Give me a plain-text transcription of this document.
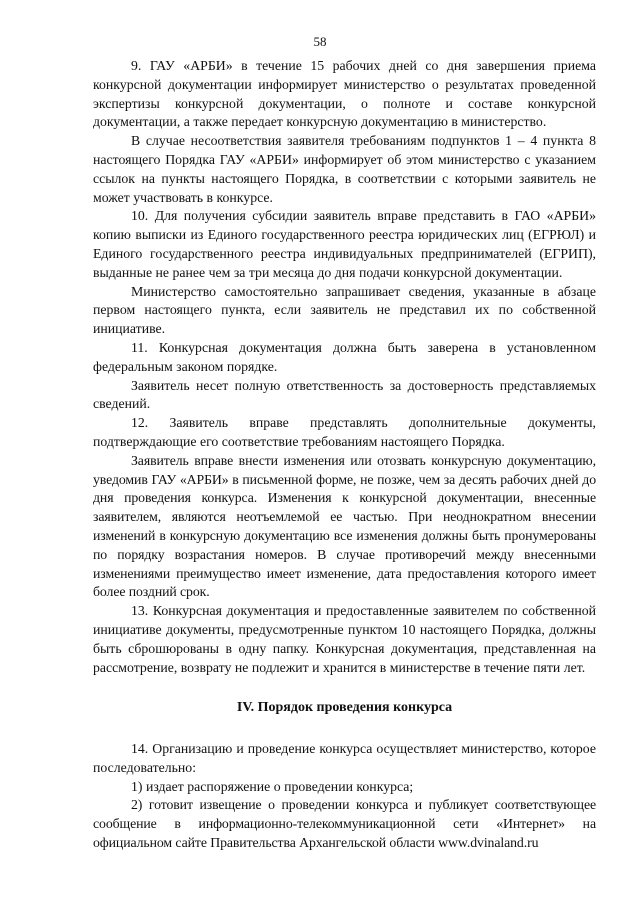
58

9. ГАУ «АРБИ» в течение 15 рабочих дней со дня завершения приема конкурсной документации информирует министерство о результатах проведенной экспертизы конкурсной документации, о полноте и составе конкурсной документации, а также передает конкурсную документацию в министерство.

В случае несоответствия заявителя требованиям подпунктов 1 – 4 пункта 8 настоящего Порядка ГАУ «АРБИ» информирует об этом министерство с указанием ссылок на пункты настоящего Порядка, в соответствии с которыми заявитель не может участвовать в конкурсе.

10. Для получения субсидии заявитель вправе представить в ГАО «АРБИ» копию выписки из Единого государственного реестра юридических лиц (ЕГРЮЛ) и Единого государственного реестра индивидуальных предпринимателей (ЕГРИП), выданные не ранее чем за три месяца до дня подачи конкурсной документации.

Министерство самостоятельно запрашивает сведения, указанные в абзаце первом настоящего пункта, если заявитель не представил их по собственной инициативе.

11. Конкурсная документация должна быть заверена в установленном федеральным законом порядке.

Заявитель несет полную ответственность за достоверность представляемых сведений.

12. Заявитель вправе представлять дополнительные документы, подтверждающие его соответствие требованиям настоящего Порядка.

Заявитель вправе внести изменения или отозвать конкурсную документацию, уведомив ГАУ «АРБИ» в письменной форме, не позже, чем за десять рабочих дней до дня проведения конкурса. Изменения к конкурсной документации, внесенные заявителем, являются неотъемлемой ее частью. При неоднократном внесении изменений в конкурсную документацию все изменения должны быть пронумерованы по порядку возрастания номеров. В случае противоречий между внесенными изменениями преимущество имеет изменение, дата предоставления которого имеет более поздний срок.

13. Конкурсная документация и предоставленные заявителем по собственной инициативе документы, предусмотренные пунктом 10 настоящего Порядка, должны быть сброшюрованы в одну папку. Конкурсная документация, представленная на рассмотрение, возврату не подлежит и хранится в министерстве в течение пяти лет.

IV. Порядок проведения конкурса

14. Организацию и проведение конкурса осуществляет министерство, которое последовательно:

1) издает распоряжение о проведении конкурса;

2) готовит извещение о проведении конкурса и публикует соответствующее сообщение в информационно-телекоммуникационной сети «Интернет» на официальном сайте Правительства Архангельской области www.dvinaland.ru
